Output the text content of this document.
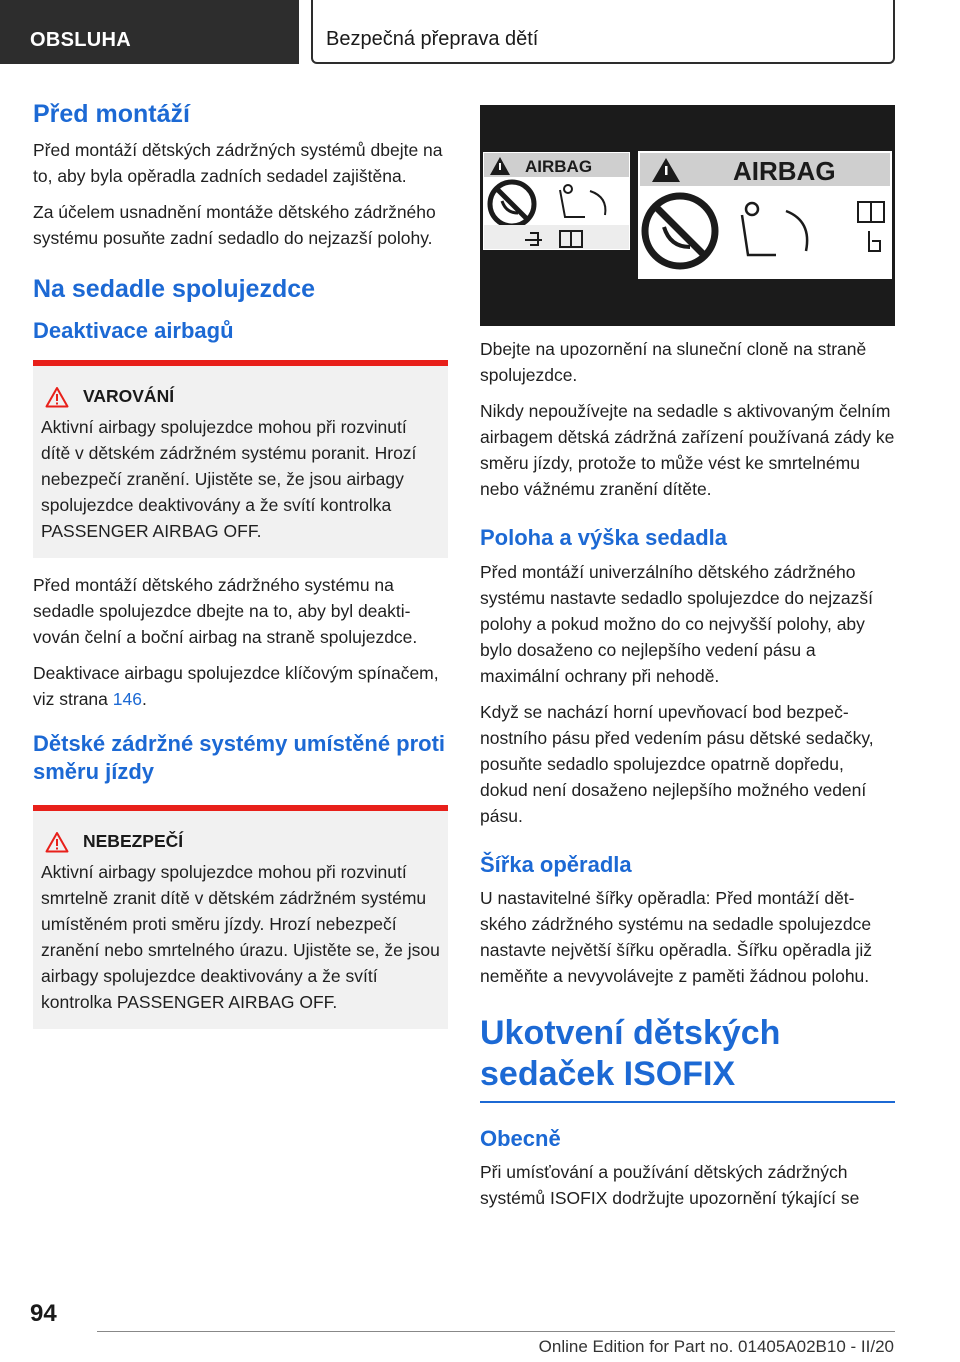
OBSLUHA	Bezpečná přeprava dětí
Před montáží

Před montáží dětských zádržných systémů dbejte na to, aby byla opěradla zadních sedadel zajištěna.

Za účelem usnadnění montáže dětského zádržného systému posuňte zadní sedadlo do nejzazší polohy.

Na sedadle spolujezdce
Deaktivace airbagů
VAROVÁNÍ

Aktivní airbagy spolujezdce mohou při rozvinutí dítě v dětském zádržném systému poranit. Hrozí nebezpečí zranění. Ujistěte se, že jsou airbagy spolujezdce deaktivovány a že svítí kontrolka PASSENGER AIRBAG OFF.

Před montáží dětského zádržného systému na sedadle spolujezdce dbejte na to, aby byl deaktivován čelní a boční airbag na straně spolujezdce.

Deaktivace airbagu spolujezdce klíčovým spínačem, viz strana 146.

Dětské zádržné systémy umístěné proti směru jízdy
NEBEZPEČÍ

Aktivní airbagy spolujezdce mohou při rozvinutí smrtelně zranit dítě v dětském zádržném systému umístěném proti směru jízdy. Hrozí nebezpečí zranění nebo smrtelného úrazu. Ujistěte se, že jsou airbagy spolujezdce deaktivovány a že svítí kontrolka PASSENGER AIRBAG OFF.

AIRBAG	AIRBAG

Dbejte na upozornění na sluneční cloně na straně spolujezdce.

Nikdy nepoužívejte na sedadle s aktivovaným čelním airbagem dětská zádržná zařízení používaná zády ke směru jízdy, protože to může vést ke smrtelnému nebo vážnému zranění dítěte.

Poloha a výška sedadla

Před montáží univerzálního dětského zádržného systému nastavte sedadlo spolujezdce do nejzazší polohy a pokud možno do co nejvyšší polohy, aby bylo dosaženo co nejlepšího vedení pásu a maximální ochrany při nehodě.

Když se nachází horní upevňovací bod bezpečnostního pásu před vedením pásu dětské sedačky, posuňte sedadlo spolujezdce opatrně dopředu, dokud není dosaženo nejlepšího možného vedení pásu.

Šířka opěradla

U nastavitelné šířky opěradla: Před montáží dětského zádržného systému na sedadle spolujezdce nastavte největší šířku opěradla. Šířku opěradla již neměňte a nevyvolávejte z paměti žádnou polohu.

Ukotvení dětských sedaček ISOFIX
Obecně

Při umísťování a používání dětských zádržných systémů ISOFIX dodržujte upozornění týkající se

94
Online Edition for Part no. 01405A02B10 - II/20
